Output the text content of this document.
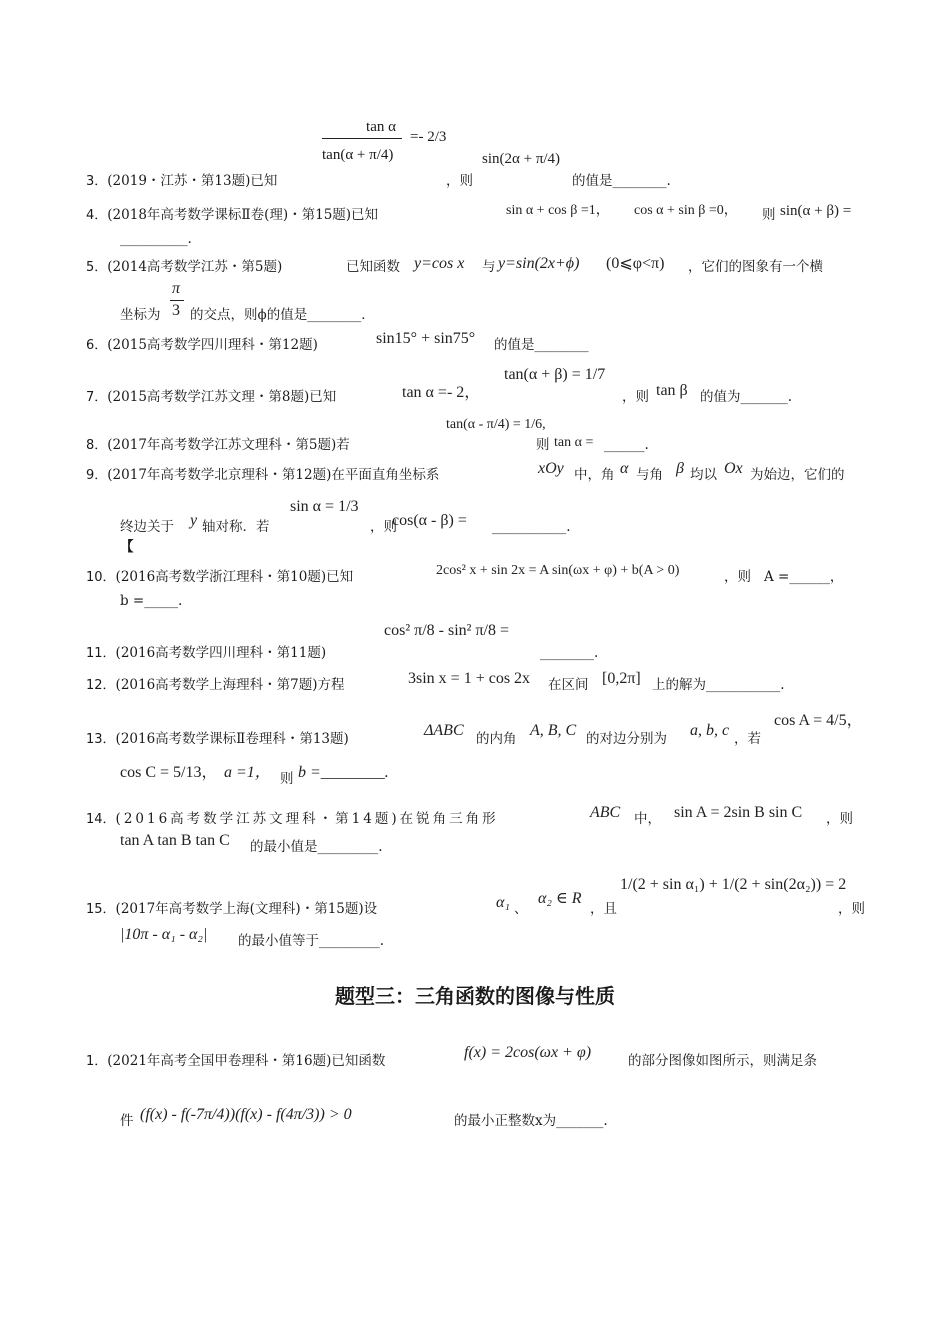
tan α
tan(α + π/4)
=- 2/3
3．(2019・江苏・第13题)已知	，则
sin(2α + π/4)
的值是________.
4．(2018年高考数学课标Ⅱ卷(理)・第15题)已知	sin α + cos β =1， cos α + sin β =0， 则 sin(α + β) =
__________.
5．(2014高考数学江苏・第5题)	已知函数 y=cos x 与 y=sin(2x+ϕ) (0⩽φ<π) ，它们的图象有一个横
坐标为
π
3 的交点，则ϕ的值是________．
6．(2015高考数学四川理科・第12题)	sin15° + sin75° 的值是________
7．(2015高考数学江苏文理・第8题)已知	tan α =- 2，
tan(α + β) = 1/7
，则 tan β 的值为_______.
8．(2017年高考数学江苏文理科・第5题)若
tan(α - π/4) = 1/6,
则 tan α = ______.
9．(2017年高考数学北京理科・第12题)在平面直角坐标系	xOy 中，角 α 与角 β 均以 Ox 为始边，它们的
终边关于 y 轴对称．若
sin α = 1/3
，则
cos(α - β) = ___________.
【
10．(2016高考数学浙江理科・第10题)已知	2cos² x + sin 2x = A sin(ωx + φ) + b(A > 0)	，则 A =______，
b =_____.
11．(2016高考数学四川理科・第11题)
cos² π/8 - sin² π/8 =
________.
12．(2016高考数学上海理科・第7题)方程	3sin x = 1 + cos 2x 在区间 [0,2π] 上的解为___________.
13．(2016高考数学课标Ⅱ卷理科・第13题)	ΔABC 的内角 A, B, C 的对边分别为 a, b, c ，若
cos A = 4/5，
cos C = 5/13， a =1， 则 b =________.
14．(2016高考数学江苏文理科・第14题)在锐角三角形	ABC 中， sin A = 2sin B sin C ，则
tan A tan B tan C 的最小值是_________.
15．(2017年高考数学上海(文理科)・第15题)设	α₁ 、
α₂ ∈ R
，且
1/(2 + sin α₁) + 1/(2 + sin(2α₂)) = 2
，则
|10π - α₁ - α₂| 的最小值等于_________.
题型三：三角函数的图像与性质
1．(2021年高考全国甲卷理科・第16题)已知函数	f(x) = 2cos(ωx + φ)	的部分图像如图所示，则满足条
件 (f(x) - f(-7π/4))(f(x) - f(4π/3)) > 0	的最小正整数x为_______.
